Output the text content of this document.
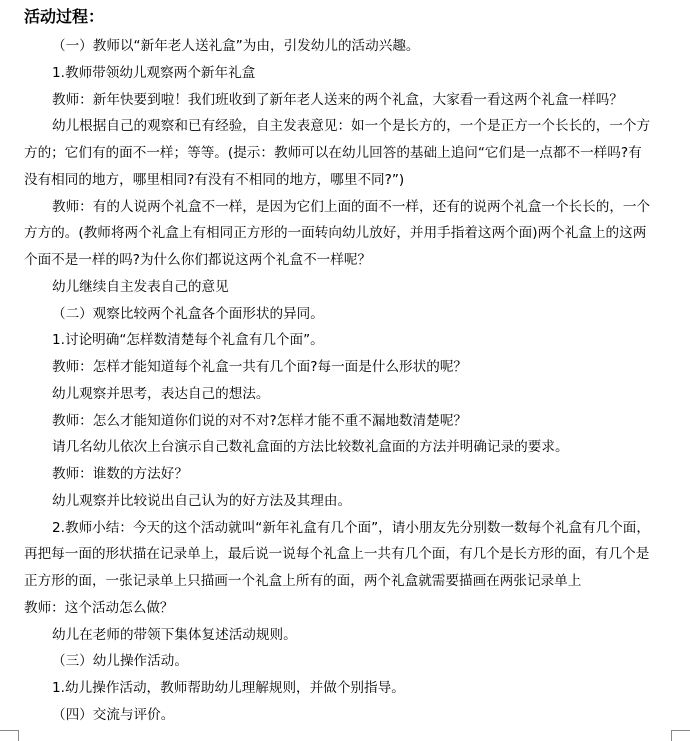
活动过程：
（一）教师以“新年老人送礼盒”为由，引发幼儿的活动兴趣。
1.教师带领幼儿观察两个新年礼盒
教师：新年快要到啦！我们班收到了新年老人送来的两个礼盒，大家看一看这两个礼盒一样吗？
幼儿根据自己的观察和已有经验，自主发表意见：如一个是长方的，一个是正方一个长长的，一个方
方的；它们有的面不一样；等等。(提示：教师可以在幼儿回答的基础上追问“它们是一点都不一样吗?有
没有相同的地方，哪里相同?有没有不相同的地方，哪里不同?”)
教师：有的人说两个礼盒不一样，是因为它们上面的面不一样，还有的说两个礼盒一个长长的，一个
方方的。(教师将两个礼盒上有相同正方形的一面转向幼儿放好，并用手指着这两个面)两个礼盒上的这两
个面不是一样的吗?为什么你们都说这两个礼盒不一样呢？
幼儿继续自主发表自己的意见
（二）观察比较两个礼盒各个面形状的异同。
1.讨论明确“怎样数清楚每个礼盒有几个面”。
教师：怎样才能知道每个礼盒一共有几个面?每一面是什么形状的呢？
幼儿观察并思考，表达自己的想法。
教师：怎么才能知道你们说的对不对?怎样才能不重不漏地数清楚呢？
请几名幼儿依次上台演示自己数礼盒面的方法比较数礼盒面的方法并明确记录的要求。
教师：谁数的方法好？
幼儿观察并比较说出自己认为的好方法及其理由。
2.教师小结：今天的这个活动就叫“新年礼盒有几个面”，请小朋友先分别数一数每个礼盒有几个面，
再把每一面的形状描在记录单上，最后说一说每个礼盒上一共有几个面，有几个是长方形的面，有几个是
正方形的面，一张记录单上只描画一个礼盒上所有的面，两个礼盒就需要描画在两张记录单上
教师：这个活动怎么做？
幼儿在老师的带领下集体复述活动规则。
（三）幼儿操作活动。
1.幼儿操作活动，教师帮助幼儿理解规则，并做个别指导。
（四）交流与评价。
